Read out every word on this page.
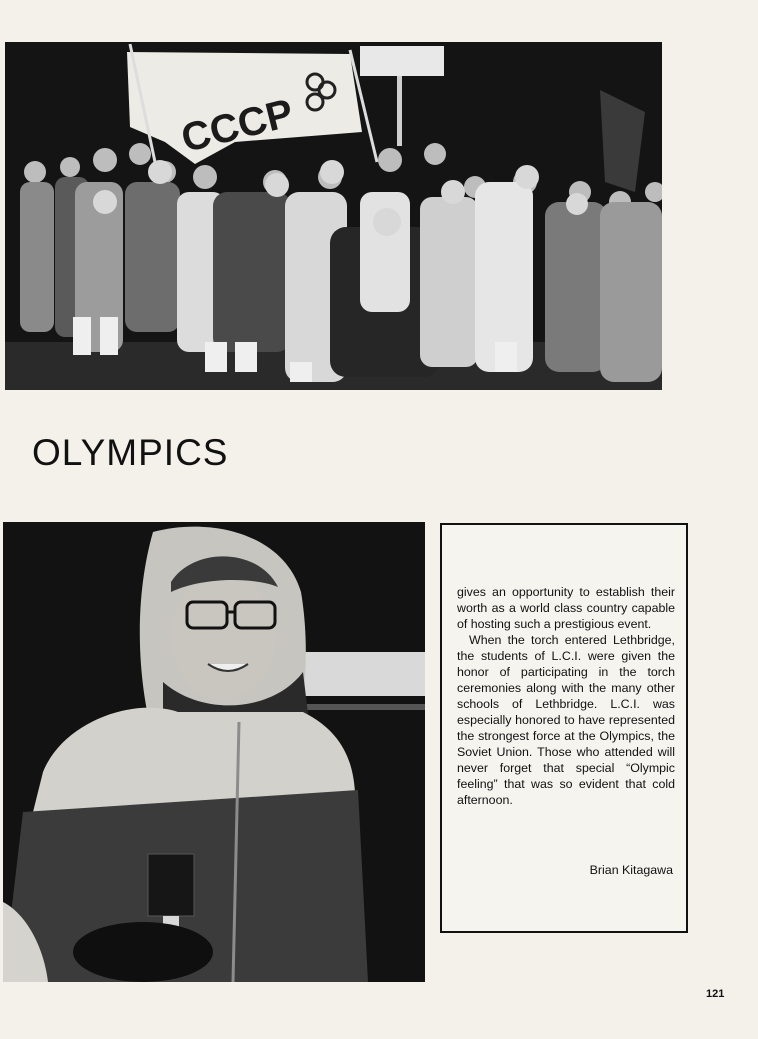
CCCP
OLYMPICS

gives an opportunity to establish their worth as a world class country capable of hosting such a prestigious event.

When the torch entered Lethbridge, the students of L.C.I. were given the honor of participating in the torch ceremonies along with the many other schools of Lethbridge. L.C.I. was especially honored to have represented the strongest force at the Olympics, the Soviet Union. Those who attended will never forget that special “Olympic feeling” that was so evident that cold afternoon.

Brian Kitagawa
121
